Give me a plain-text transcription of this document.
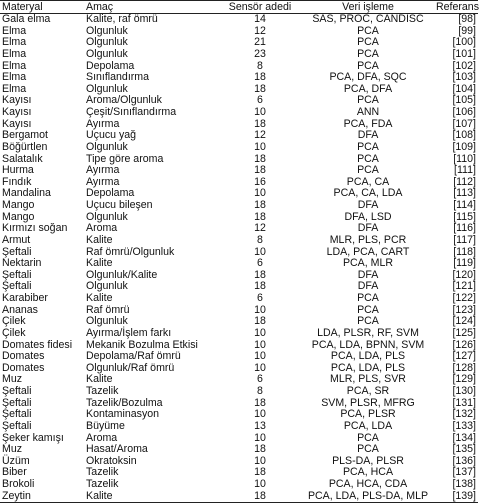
Materyal	Amaç	Sensör adedi	Veri işleme	Referans
Gala elma	Kalite, raf ömrü	14	SAS, PROC, CANDISC	[98]
Elma	Olgunluk	12	PCA	[99]
Elma	Olgunluk	21	PCA	[100]
Elma	Olgunluk	23	PCA	[101]
Elma	Depolama	8	PCA	[102]
Elma	Sınıflandırma	18	PCA, DFA, SQC	[103]
Elma	Olgunluk	18	PCA, DFA	[104]
Kayısı	Aroma/Olgunluk	6	PCA	[105]
Kayısı	Çeşit/Sınıflandırma	10	ANN	[106]
Kayısı	Ayırma	18	PCA, FDA	[107]
Bergamot	Uçucu yağ	12	DFA	[108]
Böğürtlen	Olgunluk	10	PCA	[109]
Salatalık	Tipe göre aroma	18	PCA	[110]
Hurma	Ayırma	18	PCA	[111]
Fındık	Ayırma	16	PCA, CA	[112]
Mandalina	Depolama	10	PCA, CA, LDA	[113]
Mango	Uçucu bileşen	18	DFA	[114]
Mango	Olgunluk	18	DFA, LSD	[115]
Kırmızı soğan	Aroma	12	DFA	[116]
Armut	Kalite	8	MLR, PLS, PCR	[117]
Şeftali	Raf ömrü/Olgunluk	10	LDA, PCA, CART	[118]
Nektarin	Kalite	6	PCA, MLR	[119]
Şeftali	Olgunluk/Kalite	18	DFA	[120]
Şeftali	Olgunluk	18	DFA	[121]
Karabiber	Kalite	6	PCA	[122]
Ananas	Raf ömrü	10	PCA	[123]
Çilek	Olgunluk	18	PCA	[124]
Çilek	Ayırma/İşlem farkı	10	LDA, PLSR, RF, SVM	[125]
Domates fidesi	Mekanik Bozulma Etkisi	10	PCA, LDA, BPNN, SVM	[126]
Domates	Depolama/Raf ömrü	10	PCA, LDA, PLS	[127]
Domates	Olgunluk/Raf ömrü	10	PCA, LDA, PLS	[128]
Muz	Kalite	6	MLR, PLS, SVR	[129]
Şeftali	Tazelik	8	PCA, SR	[130]
Şeftali	Tazelik/Bozulma	18	SVM, PLSR, MFRG	[131]
Şeftali	Kontaminasyon	10	PCA, PLSR	[132]
Şeftali	Büyüme	13	PCA, LDA	[133]
Şeker kamışı	Aroma	10	PCA	[134]
Muz	Hasat/Aroma	18	PCA	[135]
Üzüm	Okratoksin	10	PLS-DA, PLSR	[136]
Biber	Tazelik	18	PCA, HCA	[137]
Brokoli	Tazelik	10	PCA, HCA, CDA	[138]
Zeytin	Kalite	18	PCA, LDA, PLS-DA, MLP	[139]
